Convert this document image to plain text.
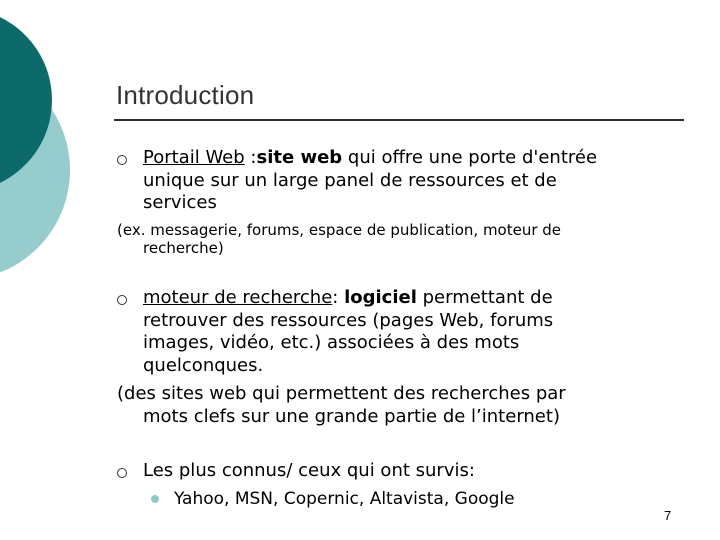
Introduction
Portail Web :site web qui offre une porte d'entrée
unique sur un large panel de ressources et de
services
(ex. messagerie, forums, espace de publication, moteur de
recherche)
moteur de recherche: logiciel permettant de
retrouver des ressources (pages Web, forums
images, vidéo, etc.) associées à des mots
quelconques.
(des sites web qui permettent des recherches par
mots clefs sur une grande partie de l’internet)
Les plus connus/ ceux qui ont survis:
Yahoo, MSN, Copernic, Altavista, Google
7
